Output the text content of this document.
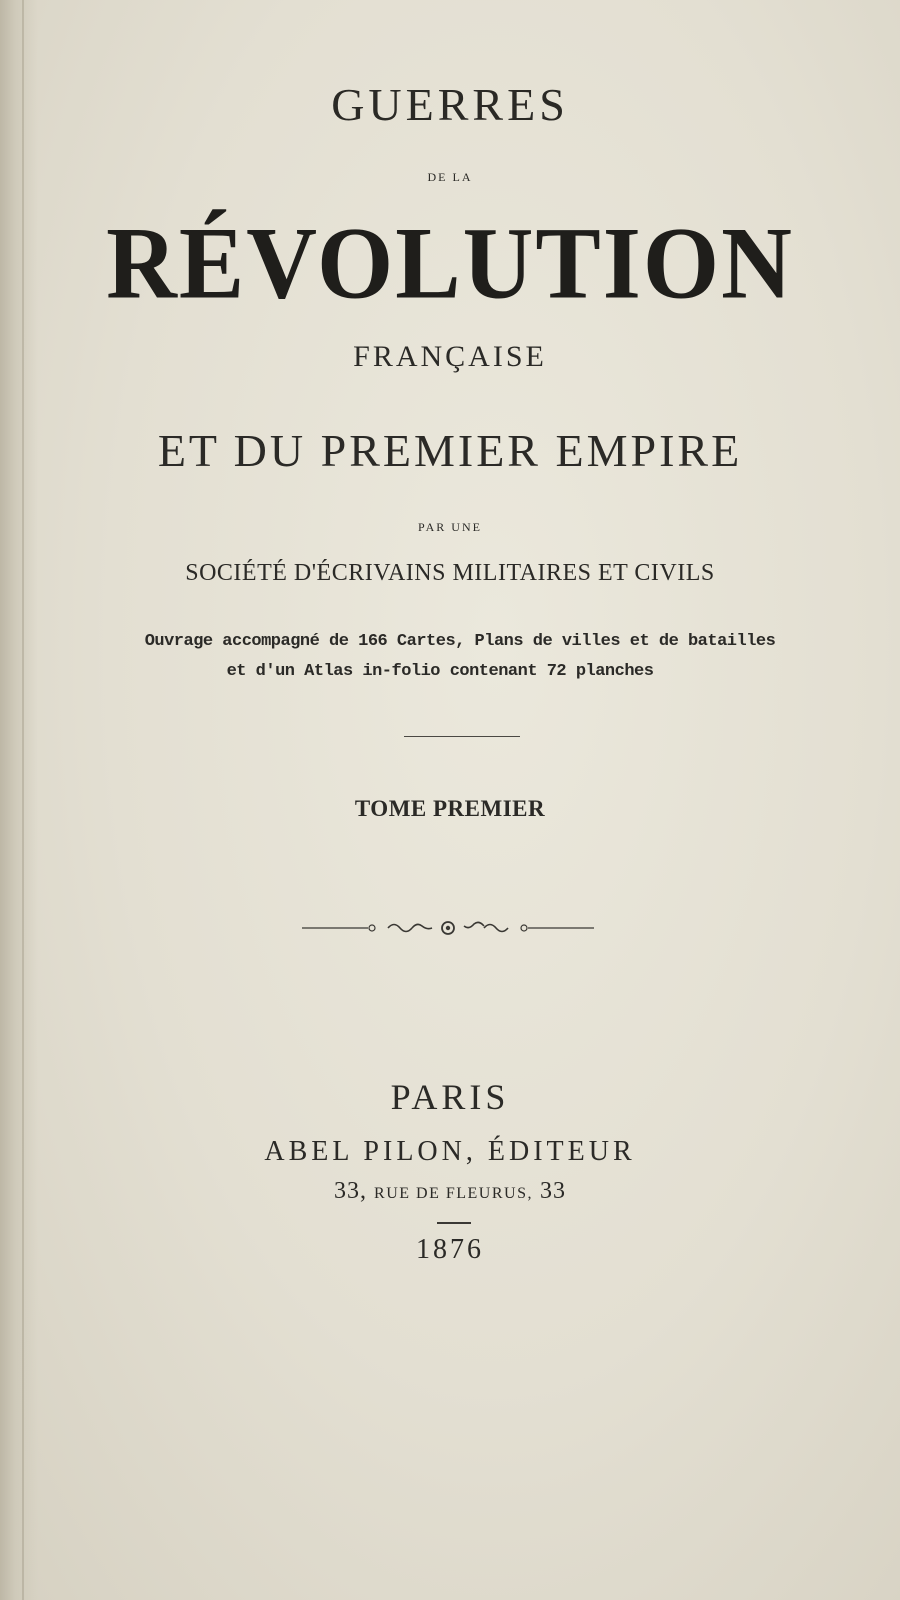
GUERRES
DE LA
RÉVOLUTION
FRANÇAISE
ET DU PREMIER EMPIRE
PAR UNE
SOCIÉTÉ D'ÉCRIVAINS MILITAIRES ET CIVILS
Ouvrage accompagné de 166 Cartes, Plans de villes et de batailles
et d'un Atlas in-folio contenant 72 planches
TOME PREMIER
PARIS
ABEL PILON, ÉDITEUR
33, RUE DE FLEURUS, 33
1876
